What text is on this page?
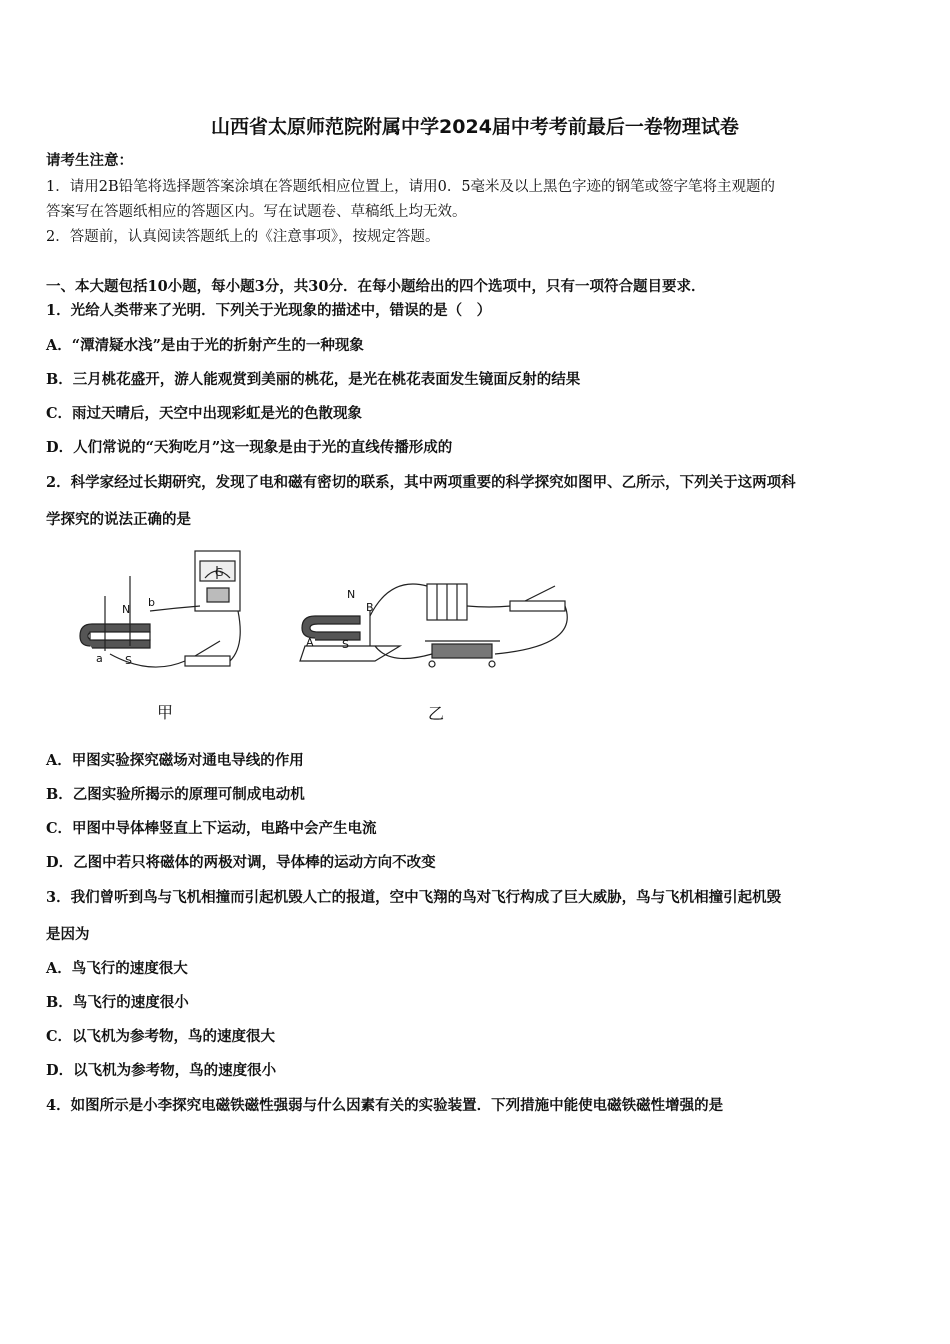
山西省太原师范院附属中学2024届中考考前最后一卷物理试卷
请考生注意：
1．请用2B铅笔将选择题答案涂填在答题纸相应位置上，请用0．5毫米及以上黑色字迹的钢笔或签字笔将主观题的
答案写在答题纸相应的答题区内。写在试题卷、草稿纸上均无效。
2．答题前，认真阅读答题纸上的《注意事项》，按规定答题。
一、本大题包括10小题，每小题3分，共30分．在每小题给出的四个选项中，只有一项符合题目要求．
1．光给人类带来了光明．下列关于光现象的描述中，错误的是（　）
A．“潭清疑水浅”是由于光的折射产生的一种现象
B．三月桃花盛开，游人能观赏到美丽的桃花，是光在桃花表面发生镜面反射的结果
C．雨过天晴后，天空中出现彩虹是光的色散现象
D．人们常说的“天狗吃月”这一现象是由于光的直线传播形成的
2．科学家经过长期研究，发现了电和磁有密切的联系，其中两项重要的科学探究如图甲、乙所示，下列关于这两项科
学探究的说法正确的是
N
b
a S
G
N
B
A	S
甲	乙
A．甲图实验探究磁场对通电导线的作用
B．乙图实验所揭示的原理可制成电动机
C．甲图中导体棒竖直上下运动，电路中会产生电流
D．乙图中若只将磁体的两极对调，导体棒的运动方向不改变
3．我们曾听到鸟与飞机相撞而引起机毁人亡的报道，空中飞翔的鸟对飞行构成了巨大威胁，鸟与飞机相撞引起机毁
是因为
A．鸟飞行的速度很大
B．鸟飞行的速度很小
C．以飞机为参考物，鸟的速度很大
D．以飞机为参考物，鸟的速度很小
4．如图所示是小李探究电磁铁磁性强弱与什么因素有关的实验装置．下列措施中能使电磁铁磁性增强的是
